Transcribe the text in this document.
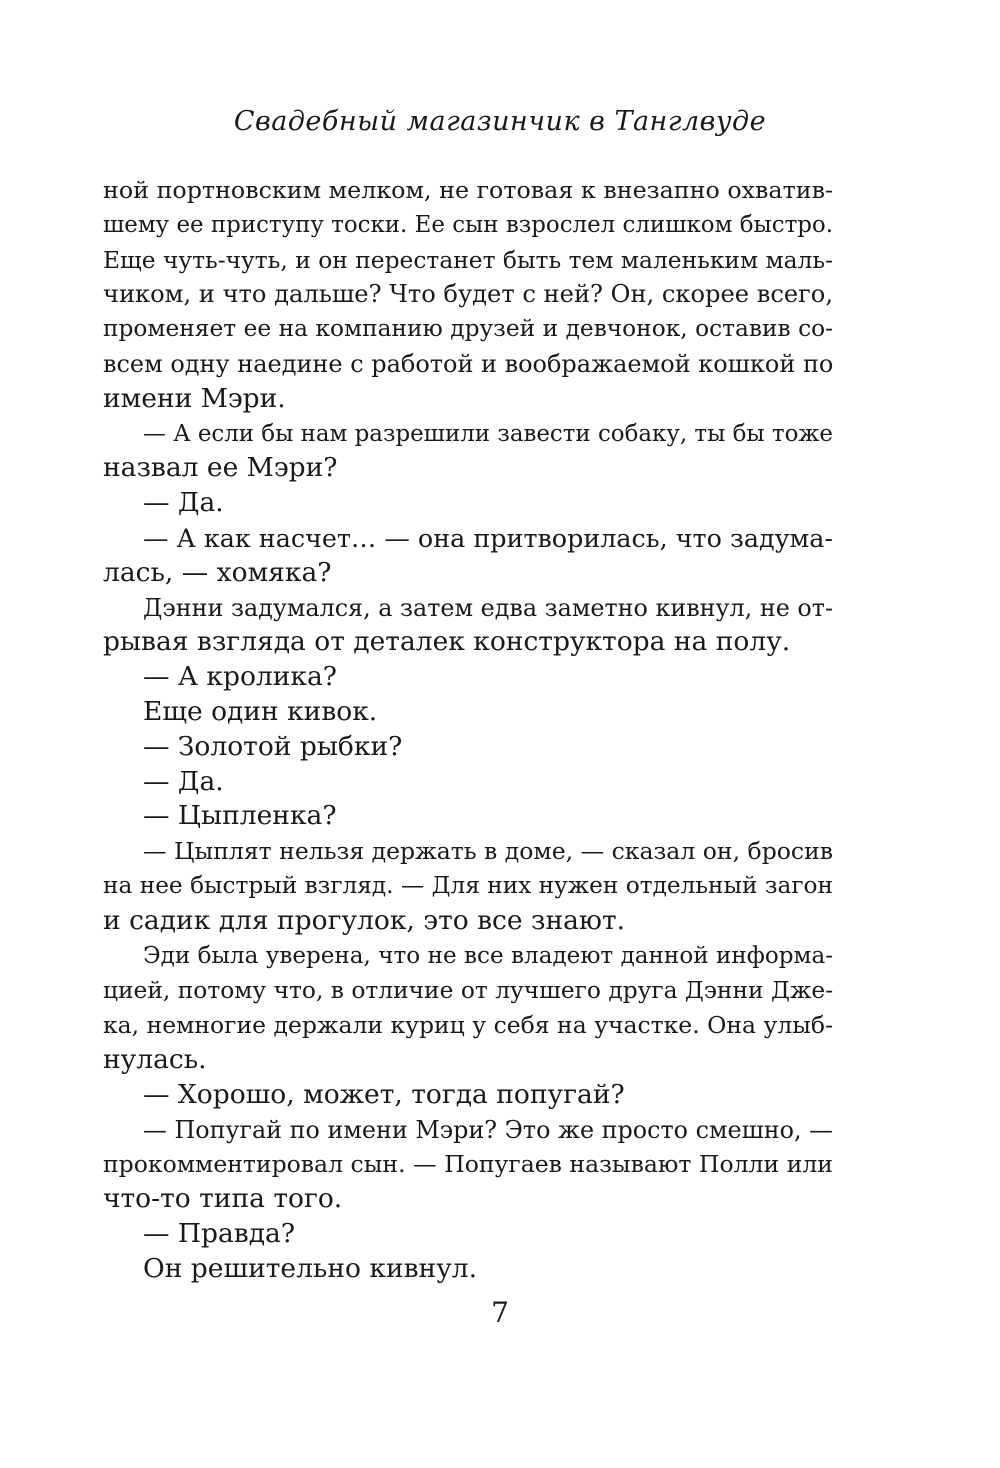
Свадебный магазинчик в Танглвуде
ной портновским мелком, не готовая к внезапно охватив-
шему ее приступу тоски. Ее сын взрослел слишком быстро.
Еще чуть-чуть, и он перестанет быть тем маленьким маль-
чиком, и что дальше? Что будет с ней? Он, скорее всего,
променяет ее на компанию друзей и девчонок, оставив со-
всем одну наедине с работой и воображаемой кошкой по
имени Мэри.
— А если бы нам разрешили завести собаку, ты бы тоже
назвал ее Мэри?
— Да.
— А как насчет… — она притворилась, что задума-
лась, — хомяка?
Дэнни задумался, а затем едва заметно кивнул, не от-
рывая взгляда от деталек конструктора на полу.
— А кролика?
Еще один кивок.
— Золотой рыбки?
— Да.
— Цыпленка?
— Цыплят нельзя держать в доме, — сказал он, бросив
на нее быстрый взгляд. — Для них нужен отдельный загон
и садик для прогулок, это все знают.
Эди была уверена, что не все владеют данной информа-
цией, потому что, в отличие от лучшего друга Дэнни Дже-
ка, немногие держали куриц у себя на участке. Она улыб-
нулась.
— Хорошо, может, тогда попугай?
— Попугай по имени Мэри? Это же просто смешно, —
прокомментировал сын. — Попугаев называют Полли или
что-то типа того.
— Правда?
Он решительно кивнул.
7
